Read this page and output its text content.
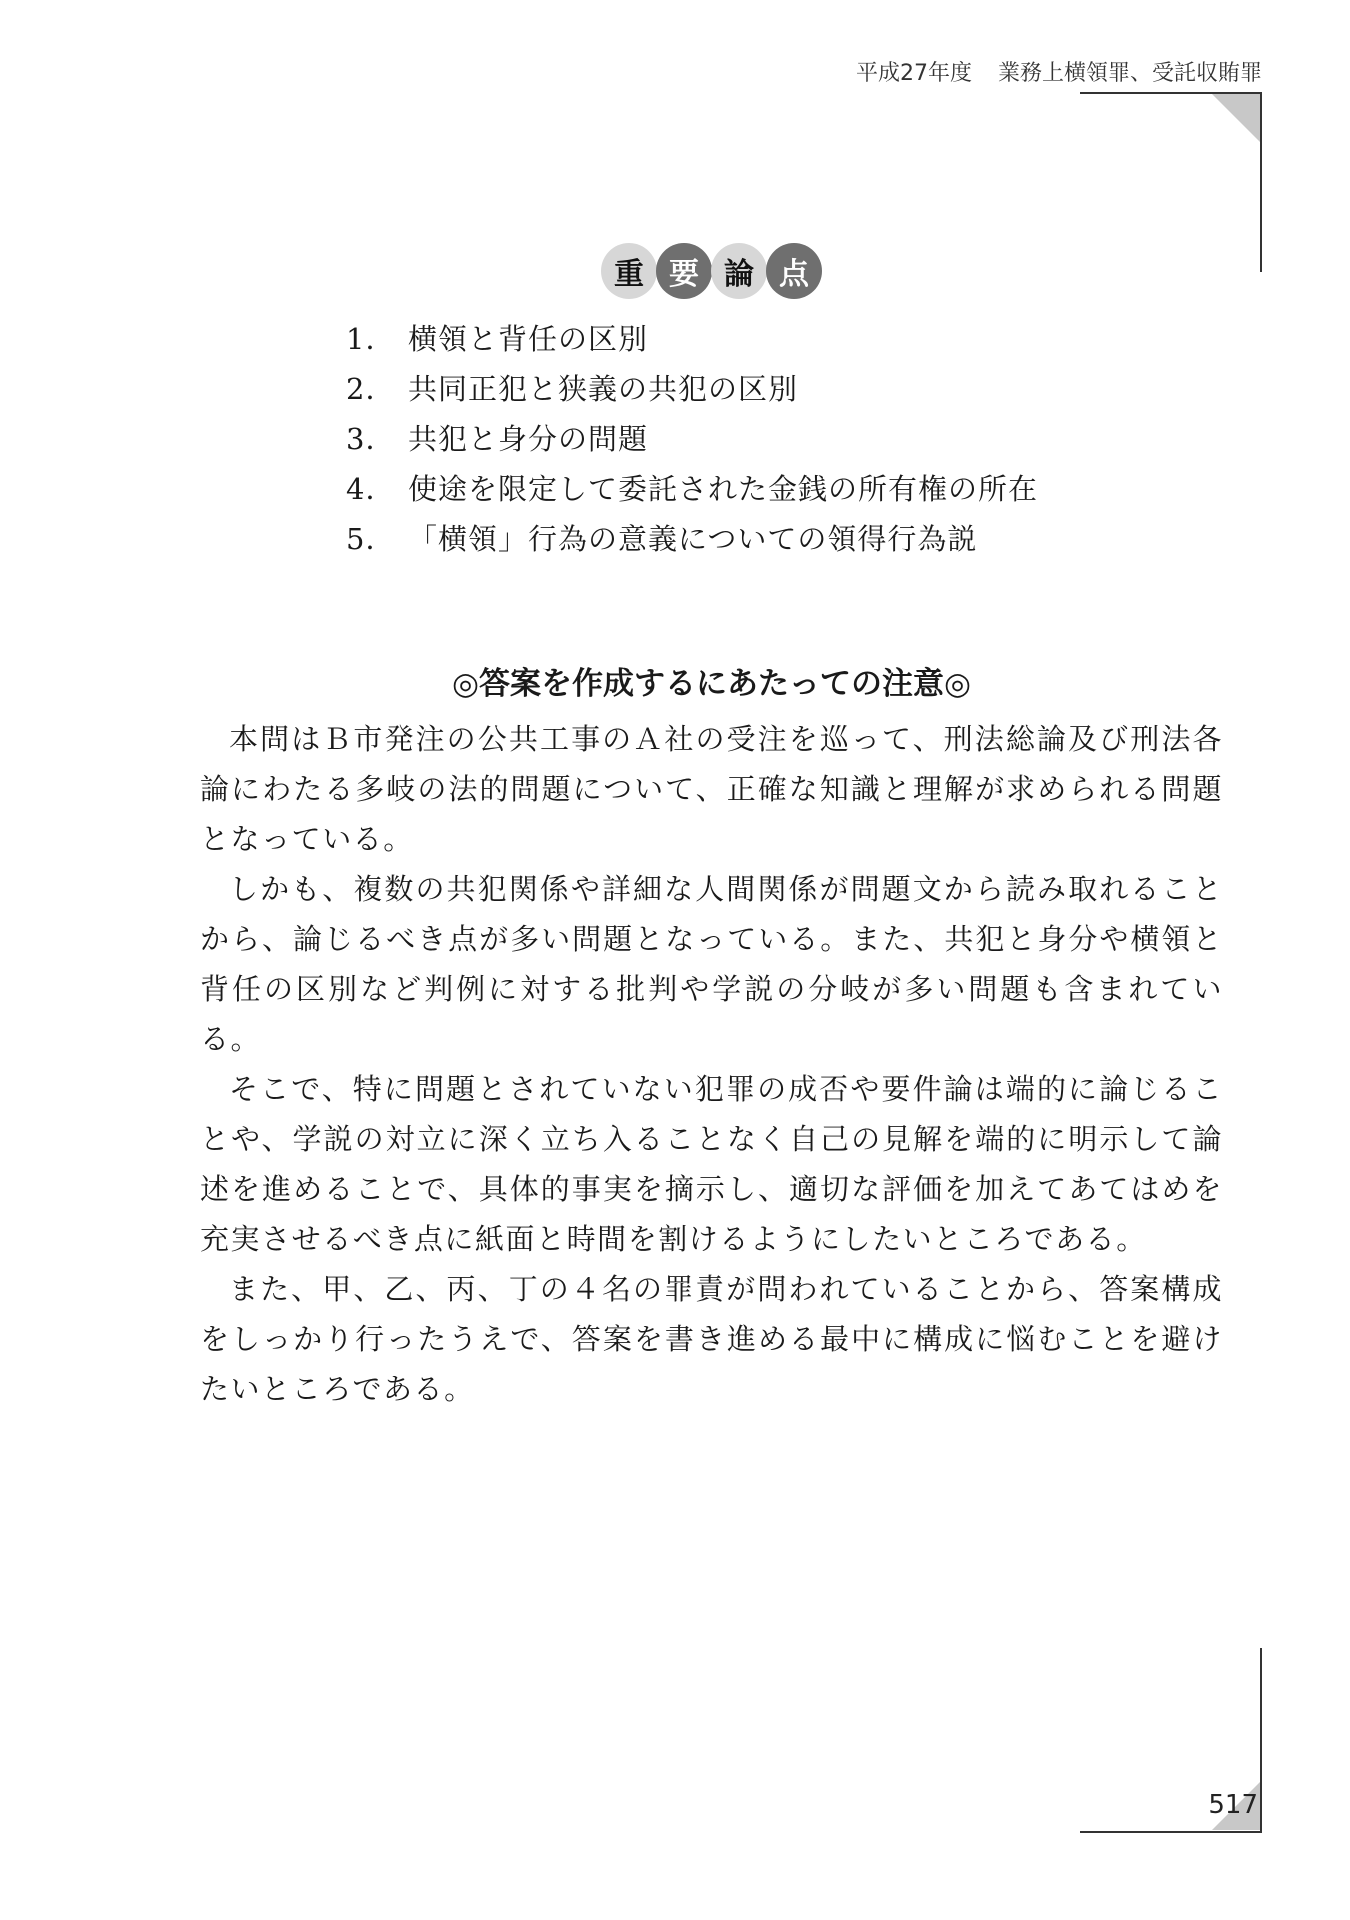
平成27年度 業務上横領罪、受託収賄罪
重 要 論 点
1． 横領と背任の区別
2． 共同正犯と狭義の共犯の区別
3． 共犯と身分の問題
4． 使途を限定して委託された金銭の所有権の所在
5． 「横領」行為の意義についての領得行為説
◎答案を作成するにあたっての注意◎

本問はＢ市発注の公共工事のＡ社の受注を巡って、刑法総論及び刑法各論にわたる多岐の法的問題について、正確な知識と理解が求められる問題となっている。

しかも、複数の共犯関係や詳細な人間関係が問題文から読み取れることから、論じるべき点が多い問題となっている。また、共犯と身分や横領と背任の区別など判例に対する批判や学説の分岐が多い問題も含まれている。

そこで、特に問題とされていない犯罪の成否や要件論は端的に論じることや、学説の対立に深く立ち入ることなく自己の見解を端的に明示して論述を進めることで、具体的事実を摘示し、適切な評価を加えてあてはめを充実させるべき点に紙面と時間を割けるようにしたいところである。

また、甲、乙、丙、丁の４名の罪責が問われていることから、答案構成をしっかり行ったうえで、答案を書き進める最中に構成に悩むことを避けたいところである。

517
